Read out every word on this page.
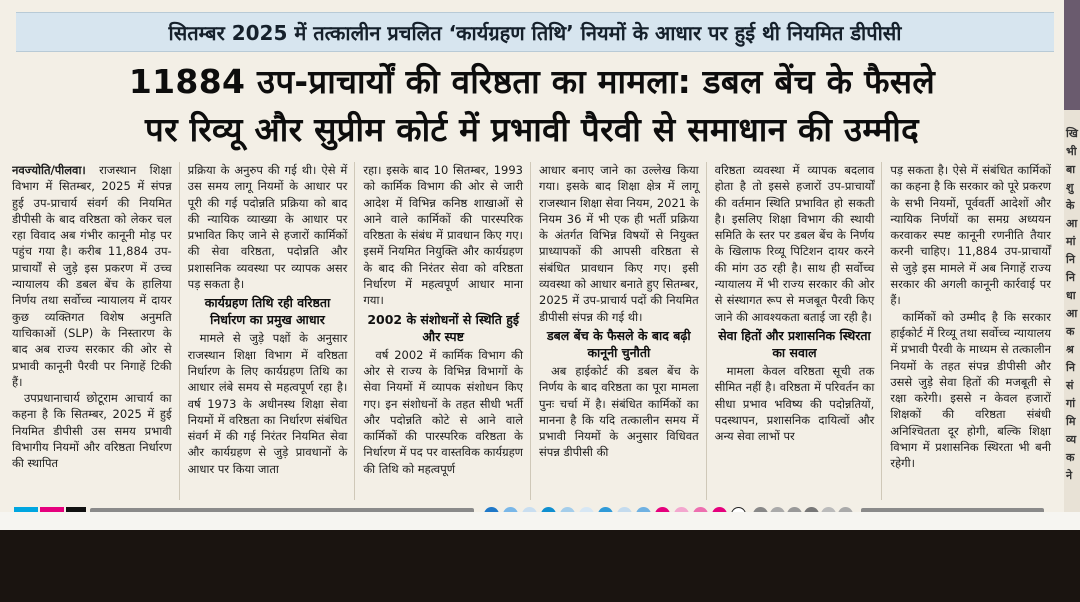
सितम्बर 2025 में तत्कालीन प्रचलित ‘कार्यग्रहण तिथि’ नियमों के आधार पर हुई थी नियमित डीपीसी
11884 उप-प्राचार्यों की वरिष्ठता का मामला: डबल बेंच के फैसले
पर रिव्यू और सुप्रीम कोर्ट में प्रभावी पैरवी से समाधान की उम्मीद

नवज्योति/पीलवा। राजस्थान शिक्षा विभाग में सितम्बर, 2025 में संपन्न हुई उप-प्राचार्य संवर्ग की नियमित डीपीसी के बाद वरिष्ठता को लेकर चल रहा विवाद अब गंभीर कानूनी मोड़ पर पहुंच गया है। करीब 11,884 उप-प्राचार्यों से जुड़े इस प्रकरण में उच्च न्यायालय की डबल बेंच के हालिया निर्णय तथा सर्वोच्च न्यायालय में दायर कुछ व्यक्तिगत विशेष अनुमति याचिकाओं (SLP) के निस्तारण के बाद अब राज्य सरकार की ओर से प्रभावी कानूनी पैरवी पर निगाहें टिकी हैं।

उपप्रधानाचार्य छोटूराम आचार्य का कहना है कि सितम्बर, 2025 में हुई नियमित डीपीसी उस समय प्रभावी विभागीय नियमों और वरिष्ठता निर्धारण की स्थापित

प्रक्रिया के अनुरुप की गई थी। ऐसे में उस समय लागू नियमों के आधार पर पूरी की गई पदोन्नति प्रक्रिया को बाद की न्यायिक व्याख्या के आधार पर प्रभावित किए जाने से हजारों कार्मिकों की सेवा वरिष्ठता, पदोन्नति और प्रशासनिक व्यवस्था पर व्यापक असर पड़ सकता है।

कार्यग्रहण तिथि रही वरिष्ठता निर्धारण का प्रमुख आधार

मामले से जुड़े पक्षों के अनुसार राजस्थान शिक्षा विभाग में वरिष्ठता निर्धारण के लिए कार्यग्रहण तिथि का आधार लंबे समय से महत्वपूर्ण रहा है। वर्ष 1973 के अधीनस्थ शिक्षा सेवा नियमों में वरिष्ठता का निर्धारण संबंधित संवर्ग में की गई निरंतर नियमित सेवा और कार्यग्रहण से जुड़े प्रावधानों के आधार पर किया जाता

रहा। इसके बाद 10 सितम्बर, 1993 को कार्मिक विभाग की ओर से जारी आदेश में विभिन्न कनिष्ठ शाखाओं से आने वाले कार्मिकों की पारस्परिक वरिष्ठता के संबंध में प्रावधान किए गए। इसमें नियमित नियुक्ति और कार्यग्रहण के बाद की निरंतर सेवा को वरिष्ठता निर्धारण में महत्वपूर्ण आधार माना गया।

2002 के संशोधनों से स्थिति हुई और स्पष्ट

वर्ष 2002 में कार्मिक विभाग की ओर से राज्य के विभिन्न विभागों के सेवा नियमों में व्यापक संशोधन किए गए। इन संशोधनों के तहत सीधी भर्ती और पदोन्नति कोटे से आने वाले कार्मिकों की पारस्परिक वरिष्ठता के निर्धारण में पद पर वास्तविक कार्यग्रहण की तिथि को महत्वपूर्ण

आधार बनाए जाने का उल्लेख किया गया। इसके बाद शिक्षा क्षेत्र में लागू राजस्थान शिक्षा सेवा नियम, 2021 के नियम 36 में भी एक ही भर्ती प्रक्रिया के अंतर्गत विभिन्न विषयों से नियुक्त प्राध्यापकों की आपसी वरिष्ठता से संबंधित प्रावधान किए गए। इसी व्यवस्था को आधार बनाते हुए सितम्बर, 2025 में उप-प्राचार्य पदों की नियमित डीपीसी संपन्न की गई थी।

डबल बेंच के फैसले के बाद बढ़ी कानूनी चुनौती

अब हाईकोर्ट की डबल बेंच के निर्णय के बाद वरिष्ठता का पूरा मामला पुनः चर्चा में है। संबंधित कार्मिकों का मानना है कि यदि तत्कालीन समय में प्रभावी नियमों के अनुसार विधिवत संपन्न डीपीसी की

वरिष्ठता व्यवस्था में व्यापक बदलाव होता है तो इससे हजारों उप-प्राचार्यों की वर्तमान स्थिति प्रभावित हो सकती है। इसलिए शिक्षा विभाग की स्थायी समिति के स्तर पर डबल बेंच के निर्णय के खिलाफ रिव्यू पिटिशन दायर करने की मांग उठ रही है। साथ ही सर्वोच्च न्यायालय में भी राज्य सरकार की ओर से संस्थागत रूप से मजबूत पैरवी किए जाने की आवश्यकता बताई जा रही है।

सेवा हितों और प्रशासनिक स्थिरता का सवाल

मामला केवल वरिष्ठता सूची तक सीमित नहीं है। वरिष्ठता में परिवर्तन का सीधा प्रभाव भविष्य की पदोन्नतियों, पदस्थापन, प्रशासनिक दायित्वों और अन्य सेवा लाभों पर

पड़ सकता है। ऐसे में संबंधित कार्मिकों का कहना है कि सरकार को पूरे प्रकरण के सभी नियमों, पूर्ववर्ती आदेशों और न्यायिक निर्णयों का समग्र अध्ययन करवाकर स्पष्ट कानूनी रणनीति तैयार करनी चाहिए। 11,884 उप-प्राचार्यों से जुड़े इस मामले में अब निगाहें राज्य सरकार की अगली कानूनी कार्रवाई पर हैं।

कार्मिकों को उम्मीद है कि सरकार हाईकोर्ट में रिव्यू तथा सर्वोच्च न्यायालय में प्रभावी पैरवी के माध्यम से तत्कालीन नियमों के तहत संपन्न डीपीसी और उससे जुड़े सेवा हितों की मजबूती से रक्षा करेगी। इससे न केवल हजारों शिक्षकों की वरिष्ठता संबंधी अनिश्चितता दूर होगी, बल्कि शिक्षा विभाग में प्रशासनिक स्थिरता भी बनी रहेगी।

खि
भी
बा
शु
के
आ
मां
नि
नि
धा
आ
क
श्र
नि
सं
गां
मि
व्य
क
ने
